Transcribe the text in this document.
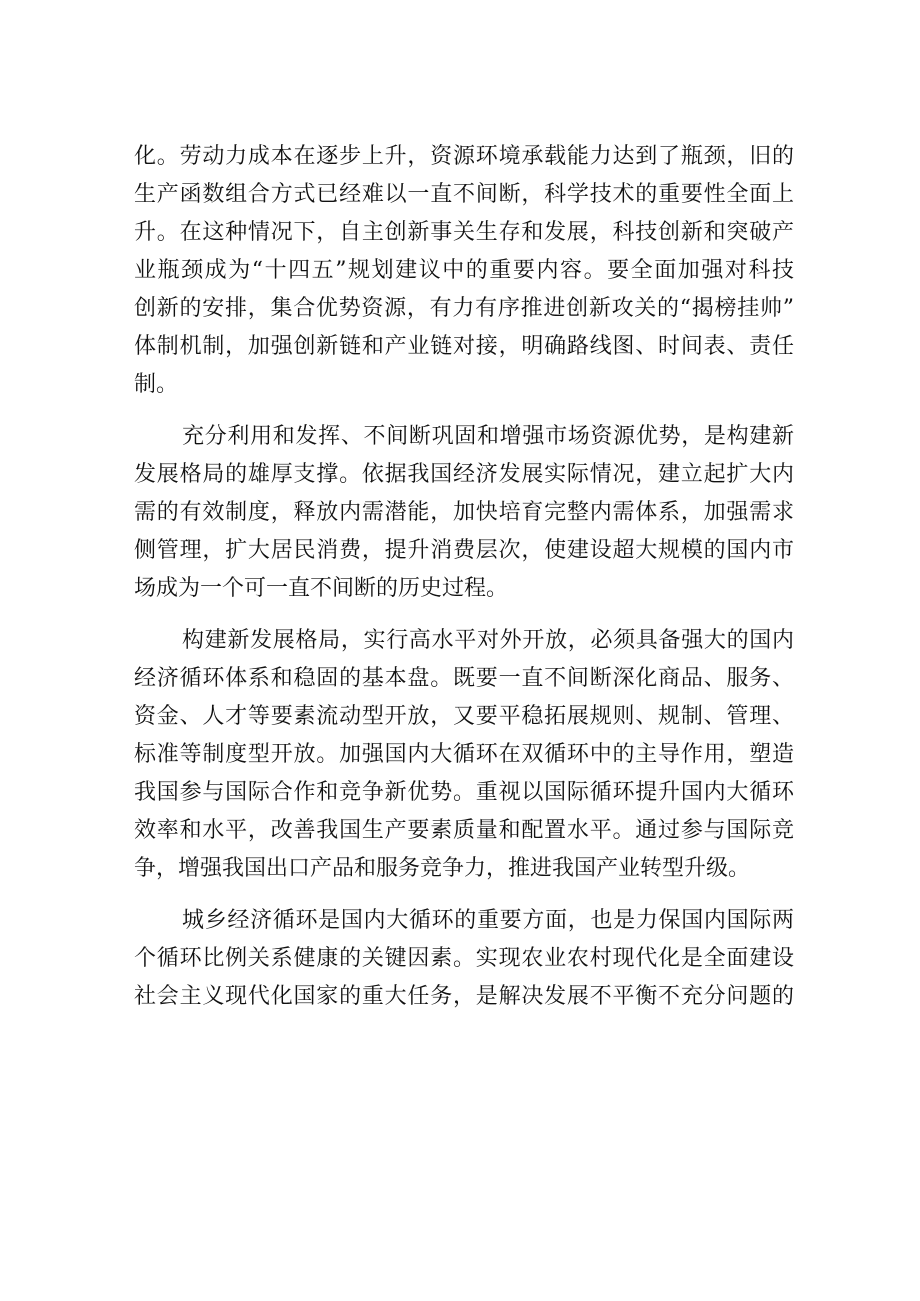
化。劳动力成本在逐步上升，资源环境承载能力达到了瓶颈，旧的
生产函数组合方式已经难以一直不间断，科学技术的重要性全面上
升。在这种情况下，自主创新事关生存和发展，科技创新和突破产
业瓶颈成为“十四五”规划建议中的重要内容。要全面加强对科技
创新的安排，集合优势资源，有力有序推进创新攻关的“揭榜挂帅”
体制机制，加强创新链和产业链对接，明确路线图、时间表、责任
制。
充分利用和发挥、不间断巩固和增强市场资源优势，是构建新
发展格局的雄厚支撑。依据我国经济发展实际情况，建立起扩大内
需的有效制度，释放内需潜能，加快培育完整内需体系，加强需求
侧管理，扩大居民消费，提升消费层次，使建设超大规模的国内市
场成为一个可一直不间断的历史过程。
构建新发展格局，实行高水平对外开放，必须具备强大的国内
经济循环体系和稳固的基本盘。既要一直不间断深化商品、服务、
资金、人才等要素流动型开放，又要平稳拓展规则、规制、管理、
标准等制度型开放。加强国内大循环在双循环中的主导作用，塑造
我国参与国际合作和竞争新优势。重视以国际循环提升国内大循环
效率和水平，改善我国生产要素质量和配置水平。通过参与国际竞
争，增强我国出口产品和服务竞争力，推进我国产业转型升级。
城乡经济循环是国内大循环的重要方面，也是力保国内国际两
个循环比例关系健康的关键因素。实现农业农村现代化是全面建设
社会主义现代化国家的重大任务，是解决发展不平衡不充分问题的
